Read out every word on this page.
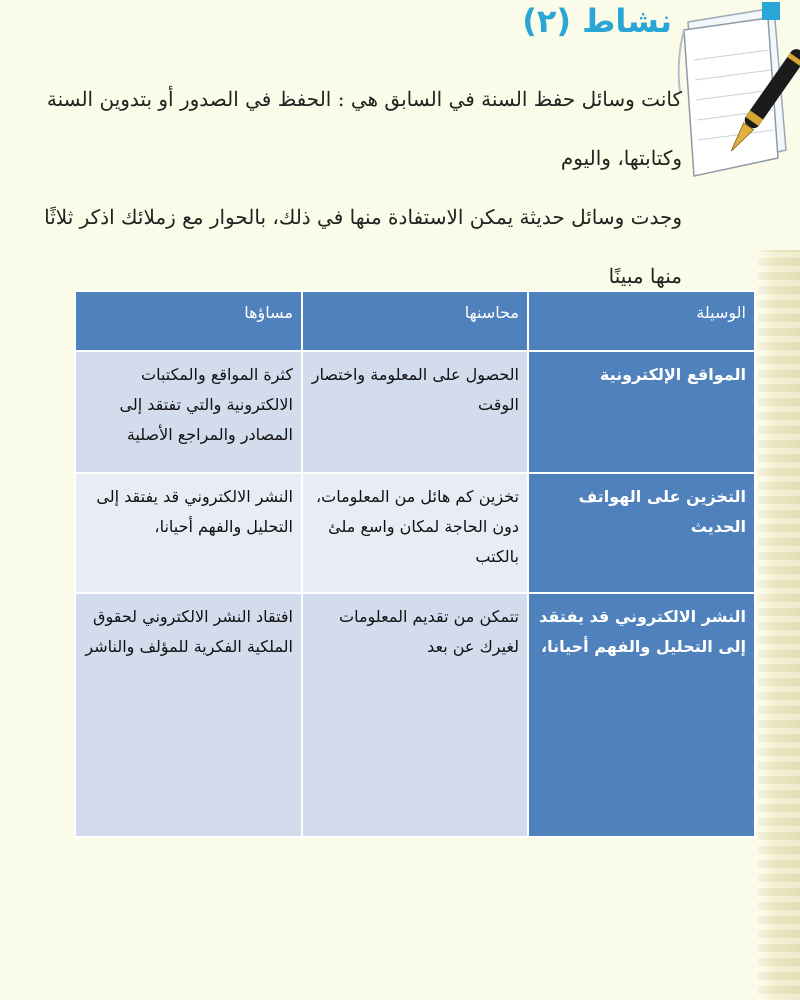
نشاط (٢)

كانت وسائل حفظ السنة في السابق هي : الحفظ في الصدور أو بتدوين السنة وكتابتها، واليوم

وجدت وسائل حديثة يمكن الاستفادة منها في ذلك، بالحوار مع زملائك اذكر ثلاثًا منها مبينًا

الوسيلة	محاسنها	مساؤها
المواقع الإلكترونية	الحصول على المعلومة واختصار الوقت	كثرة المواقع والمكتبات الالكترونية والتي تفتقد إلى المصادر والمراجع الأصلية
التخزين على الهواتف الحديث	تخزين كم هائل من المعلومات، دون الحاجة لمكان واسع ملئ بالكتب	النشر الالكتروني قد يفتقد إلى التحليل والفهم أحيانا،
النشر الالكتروني قد يفتقد إلى التحليل والفهم أحيانا،	تتمكن من تقديم المعلومات لغيرك عن بعد	افتقاد النشر الالكتروني لحقوق الملكية الفكرية للمؤلف والناشر
